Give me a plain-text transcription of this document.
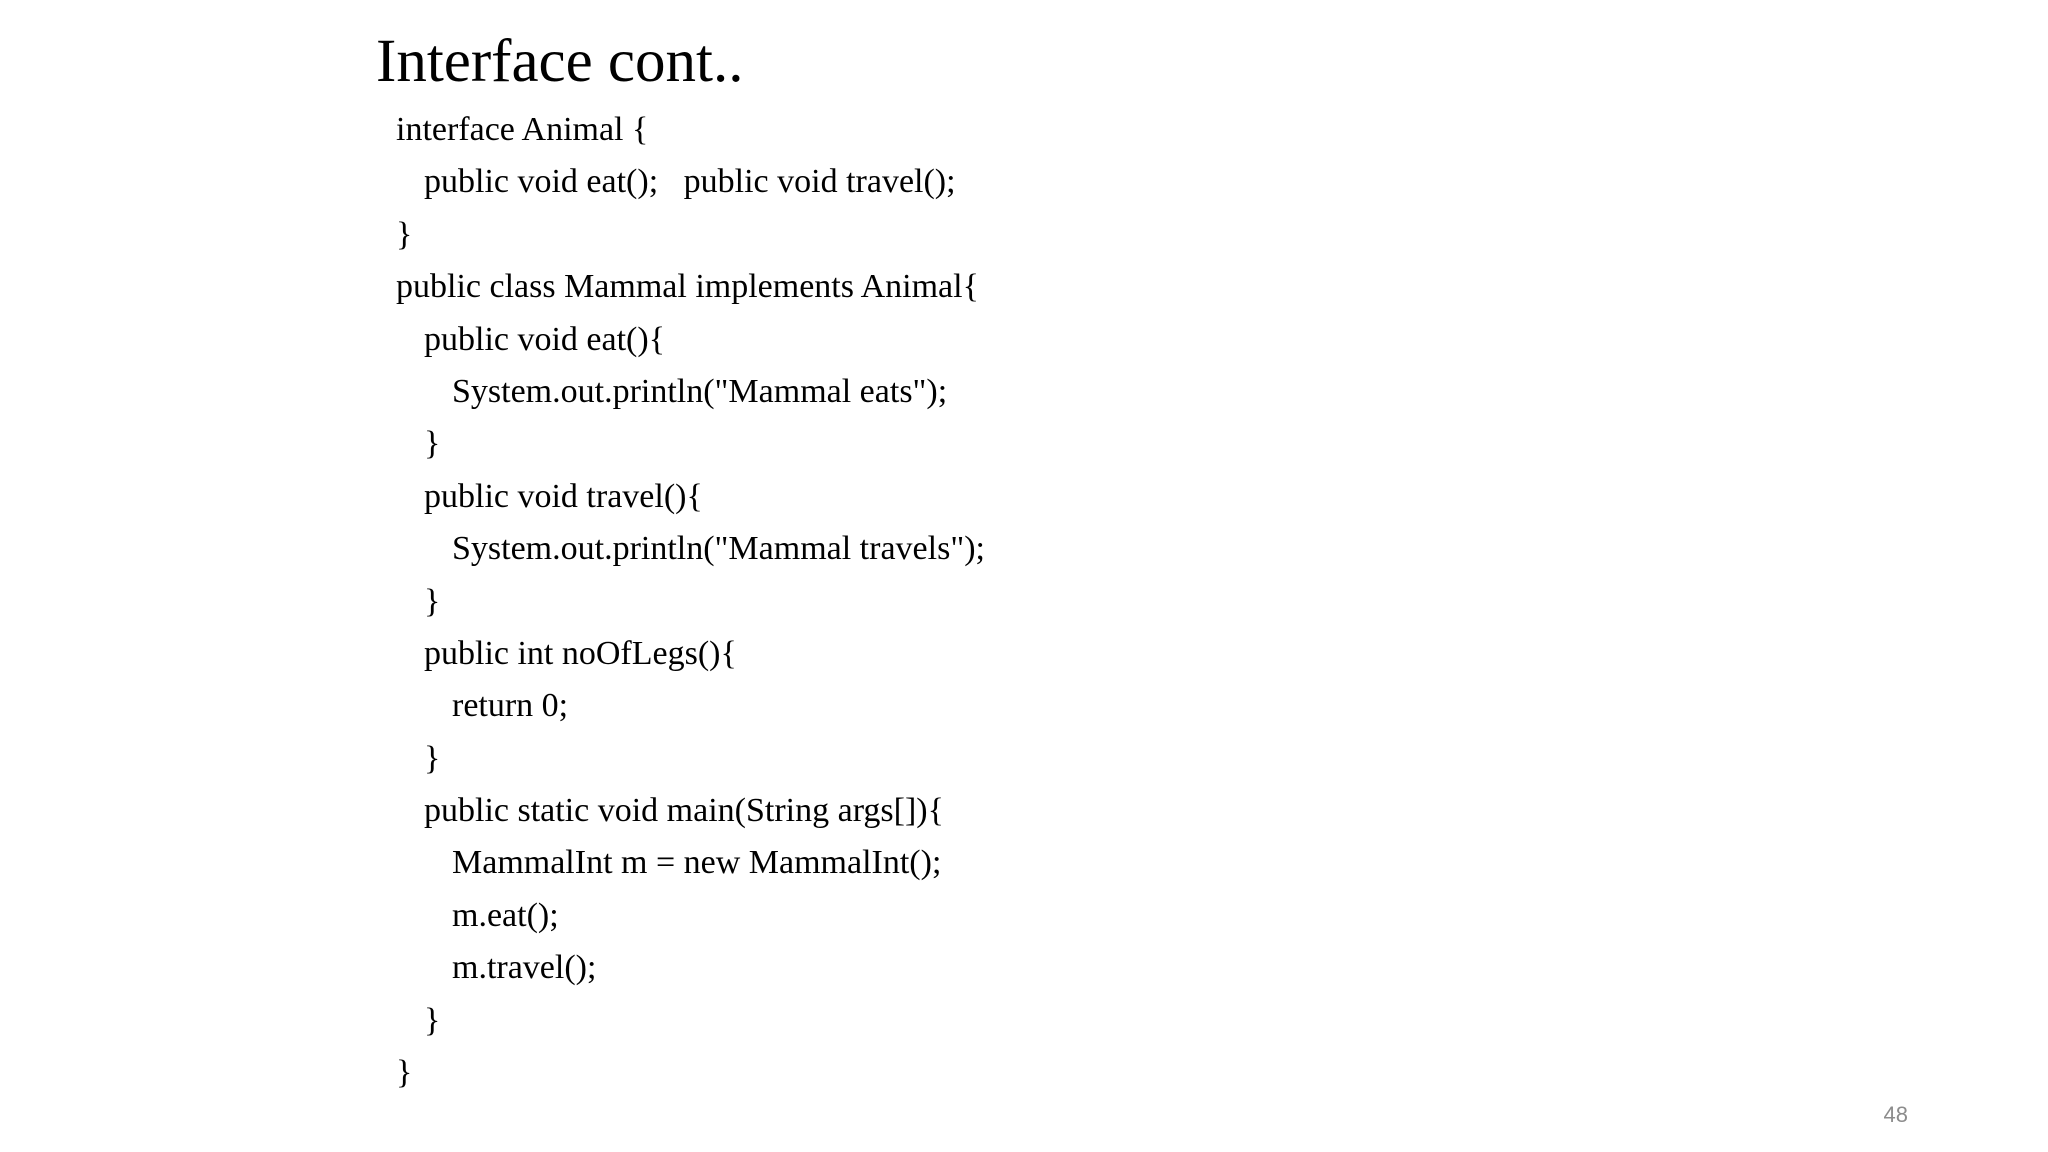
Interface cont..
interface Animal {
public void eat();   public void travel();
}
public class Mammal implements Animal{
public void eat(){
System.out.println("Mammal eats");
}
public void travel(){
System.out.println("Mammal travels");
}
public int noOfLegs(){
return 0;
}
public static void main(String args[]){
MammalInt m = new MammalInt();
m.eat();
m.travel();
}
}
48
